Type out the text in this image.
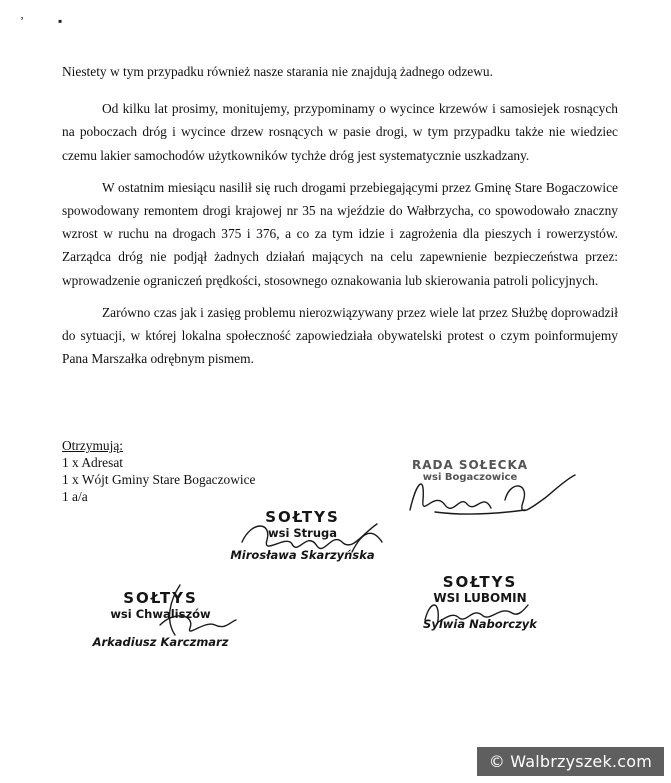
ʼ	▪

Niestety w tym przypadku również nasze starania nie znajdują żadnego odzewu.

Od kilku lat prosimy, monitujemy, przypominamy o wycince krzewów i samosiejek rosnących na poboczach dróg i wycince drzew rosnących w pasie drogi, w tym przypadku także nie wiedziec czemu lakier samochodów użytkowników tychże dróg jest systematycznie uszkadzany.

W ostatnim miesiącu nasilił się ruch drogami przebiegającymi przez Gminę Stare Bogaczowice spowodowany remontem drogi krajowej nr 35 na wjeździe do Wałbrzycha, co spowodowało znaczny wzrost w ruchu na drogach 375 i 376, a co za tym idzie i zagrożenia dla pieszych i rowerzystów. Zarządca dróg nie podjął żadnych działań mających na celu zapewnienie bezpieczeństwa przez: wprowadzenie ograniczeń prędkości, stosownego oznakowania lub skierowania patroli policyjnych.

Zarówno czas jak i zasięg problemu nierozwiązywany przez wiele lat przez Służbę doprowadził do sytuacji, w której lokalna społeczność zapowiedziała obywatelski protest o czym poinformujemy Pana Marszałka odrębnym pismem.

Otrzymują:
1 x Adresat
1 x Wójt Gminy Stare Bogaczowice
1 a/a
RADA SOŁECKA
wsi Bogaczowice
SOŁTYS
wsi Struga
Mirosława Skarzyńska
SOŁTYS
wsi Chwaliszów
Arkadiusz Karczmarz
SOŁTYS
WSI LUBOMIN
Sylwia Naborczyk
© Walbrzyszek.com
